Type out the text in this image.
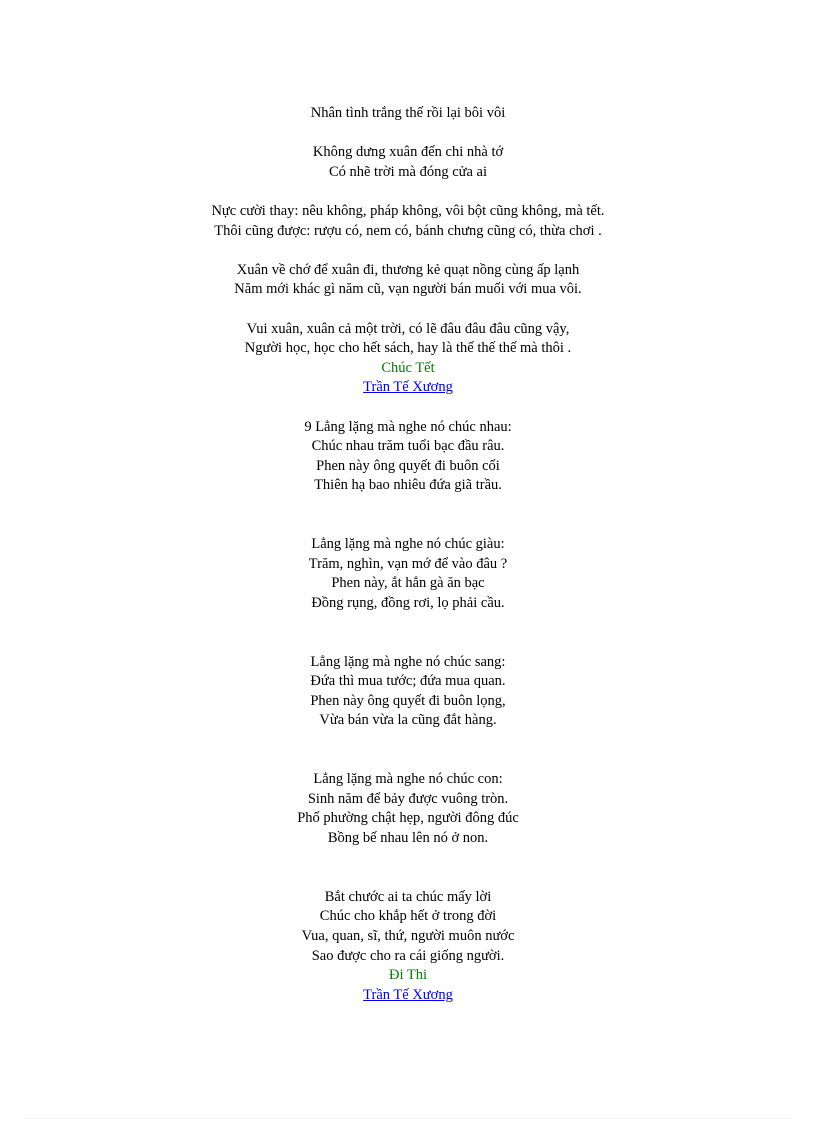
Nhân tình trắng thế rồi lại bôi vôi
Không dưng xuân đến chi nhà tớ
Có nhẽ trời mà đóng cửa ai
Nực cười thay: nêu không, pháp không, vôi bột cũng không, mà tết.
Thôi cũng được: rượu có, nem có, bánh chưng cũng có, thừa chơi .
Xuân về chớ để xuân đi, thương kẻ quạt nồng cùng ấp lạnh
Năm mới khác gì năm cũ, vạn người bán muối với mua vôi.
Vui xuân, xuân cả một trời, có lẽ đâu đâu đâu cũng vậy,
Người học, học cho hết sách, hay là thế thế thế mà thôi .
Chúc Tết
Trần Tế Xương
9 Lẳng lặng mà nghe nó chúc nhau:
Chúc nhau trăm tuổi bạc đầu râu.
Phen này ông quyết đi buôn cối
Thiên hạ bao nhiêu đứa giã trầu.
Lẳng lặng mà nghe nó chúc giàu:
Trăm, nghìn, vạn mớ để vào đâu ?
Phen này, ắt hẳn gà ăn bạc
Đồng rụng, đồng rơi, lọ phải cầu.
Lẳng lặng mà nghe nó chúc sang:
Đứa thì mua tước; đứa mua quan.
Phen này ông quyết đi buôn lọng,
Vừa bán vừa la cũng đắt hàng.
Lẳng lặng mà nghe nó chúc con:
Sinh năm để bảy được vuông tròn.
Phố phường chật hẹp, người đông đúc
Bồng bế nhau lên nó ở non.
Bắt chước ai ta chúc mấy lời
Chúc cho khắp hết ở trong đời
Vua, quan, sĩ, thứ, người muôn nước
Sao được cho ra cái giống người.
Đi Thi
Trần Tế Xương
